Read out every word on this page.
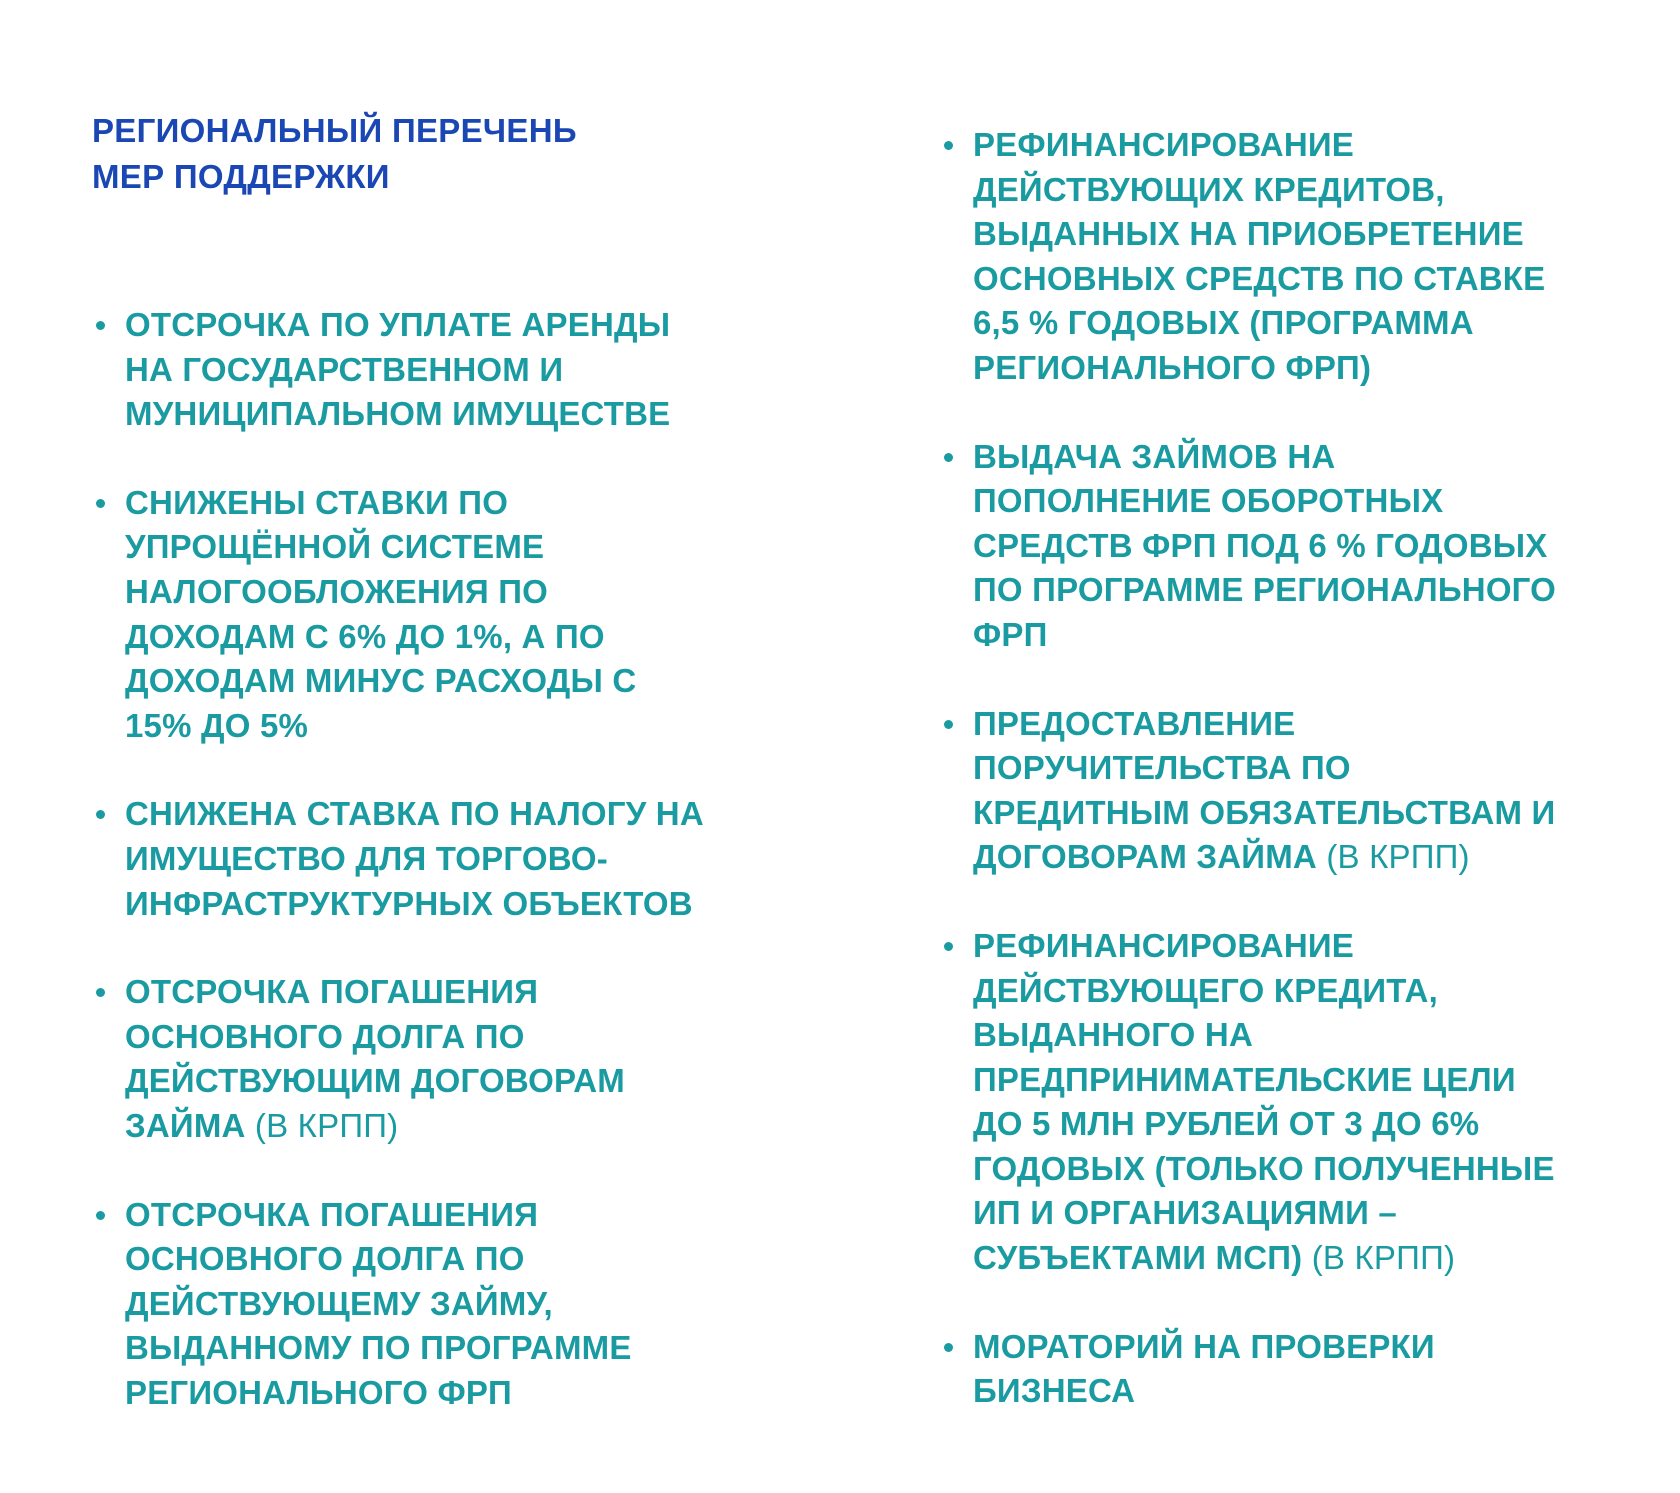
РЕГИОНАЛЬНЫЙ ПЕРЕЧЕНЬ
МЕР ПОДДЕРЖКИ
ОТСРОЧКА ПО УПЛАТЕ АРЕНДЫ
НА ГОСУДАРСТВЕННОМ И
МУНИЦИПАЛЬНОМ ИМУЩЕСТВЕ
СНИЖЕНЫ СТАВКИ ПО
УПРОЩЁННОЙ СИСТЕМЕ
НАЛОГООБЛОЖЕНИЯ ПО
ДОХОДАМ С 6% ДО 1%, А ПО
ДОХОДАМ МИНУС РАСХОДЫ С
15% ДО 5%
СНИЖЕНА СТАВКА ПО НАЛОГУ НА
ИМУЩЕСТВО ДЛЯ ТОРГОВО-
ИНФРАСТРУКТУРНЫХ ОБЪЕКТОВ
ОТСРОЧКА ПОГАШЕНИЯ
ОСНОВНОГО ДОЛГА ПО
ДЕЙСТВУЮЩИМ ДОГОВОРАМ
ЗАЙМА (В КРПП)
ОТСРОЧКА ПОГАШЕНИЯ
ОСНОВНОГО ДОЛГА ПО
ДЕЙСТВУЮЩЕМУ ЗАЙМУ,
ВЫДАННОМУ ПО ПРОГРАММЕ
РЕГИОНАЛЬНОГО ФРП
РЕФИНАНСИРОВАНИЕ
ДЕЙСТВУЮЩИХ КРЕДИТОВ,
ВЫДАННЫХ НА ПРИОБРЕТЕНИЕ
ОСНОВНЫХ СРЕДСТВ ПО СТАВКЕ
6,5 % ГОДОВЫХ (ПРОГРАММА
РЕГИОНАЛЬНОГО ФРП)
ВЫДАЧА ЗАЙМОВ НА
ПОПОЛНЕНИЕ ОБОРОТНЫХ
СРЕДСТВ ФРП ПОД 6 % ГОДОВЫХ
ПО ПРОГРАММЕ РЕГИОНАЛЬНОГО
ФРП
ПРЕДОСТАВЛЕНИЕ
ПОРУЧИТЕЛЬСТВА ПО
КРЕДИТНЫМ ОБЯЗАТЕЛЬСТВАМ И
ДОГОВОРАМ ЗАЙМА (В КРПП)
РЕФИНАНСИРОВАНИЕ
ДЕЙСТВУЮЩЕГО КРЕДИТА,
ВЫДАННОГО НА
ПРЕДПРИНИМАТЕЛЬСКИЕ ЦЕЛИ
ДО 5 МЛН РУБЛЕЙ ОТ 3 ДО 6%
ГОДОВЫХ (ТОЛЬКО ПОЛУЧЕННЫЕ
ИП И ОРГАНИЗАЦИЯМИ –
СУБЪЕКТАМИ МСП) (В КРПП)
МОРАТОРИЙ НА ПРОВЕРКИ
БИЗНЕСА
